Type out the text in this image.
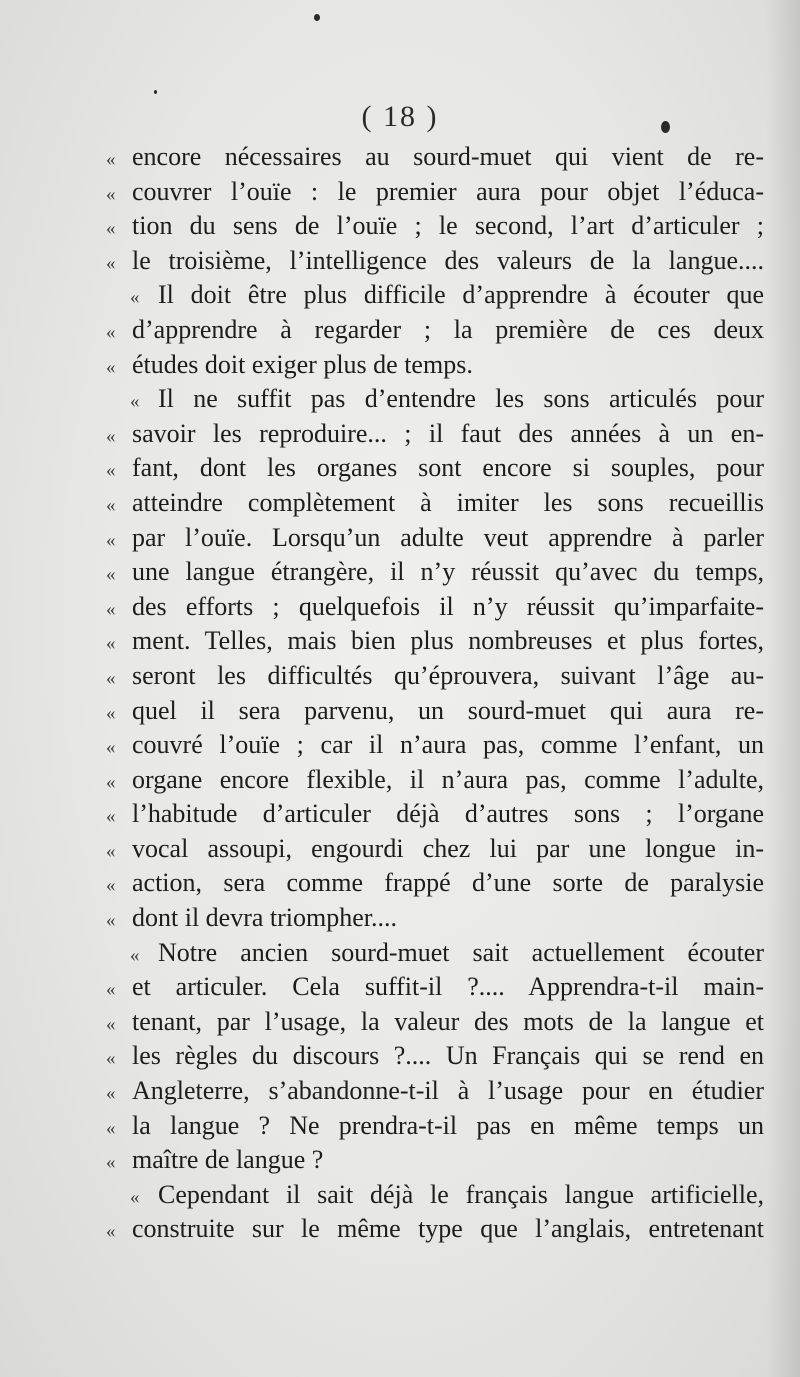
( 18 )
« encore nécessaires au sourd-muet qui vient de re-
« couvrer l’ouïe : le premier aura pour objet l’éduca-
« tion du sens de l’ouïe ; le second, l’art d’articuler ;
« le troisième, l’intelligence des valeurs de la langue....
« Il doit être plus difficile d’apprendre à écouter que
« d’apprendre à regarder ; la première de ces deux
« études doit exiger plus de temps.
« Il ne suffit pas d’entendre les sons articulés pour
« savoir les reproduire... ; il faut des années à un en-
« fant, dont les organes sont encore si souples, pour
« atteindre complètement à imiter les sons recueillis
« par l’ouïe. Lorsqu’un adulte veut apprendre à parler
« une langue étrangère, il n’y réussit qu’avec du temps,
« des efforts ; quelquefois il n’y réussit qu’imparfaite-
« ment. Telles, mais bien plus nombreuses et plus fortes,
« seront les difficultés qu’éprouvera, suivant l’âge au-
« quel il sera parvenu, un sourd-muet qui aura re-
« couvré l’ouïe ; car il n’aura pas, comme l’enfant, un
« organe encore flexible, il n’aura pas, comme l’adulte,
« l’habitude d’articuler déjà d’autres sons ; l’organe
« vocal assoupi, engourdi chez lui par une longue in-
« action, sera comme frappé d’une sorte de paralysie
« dont il devra triompher....
« Notre ancien sourd-muet sait actuellement écouter
« et articuler. Cela suffit-il ?.... Apprendra-t-il main-
« tenant, par l’usage, la valeur des mots de la langue et
« les règles du discours ?.... Un Français qui se rend en
« Angleterre, s’abandonne-t-il à l’usage pour en étudier
« la langue ? Ne prendra-t-il pas en même temps un
« maître de langue ?
« Cependant il sait déjà le français langue artificielle,
« construite sur le même type que l’anglais, entretenant
